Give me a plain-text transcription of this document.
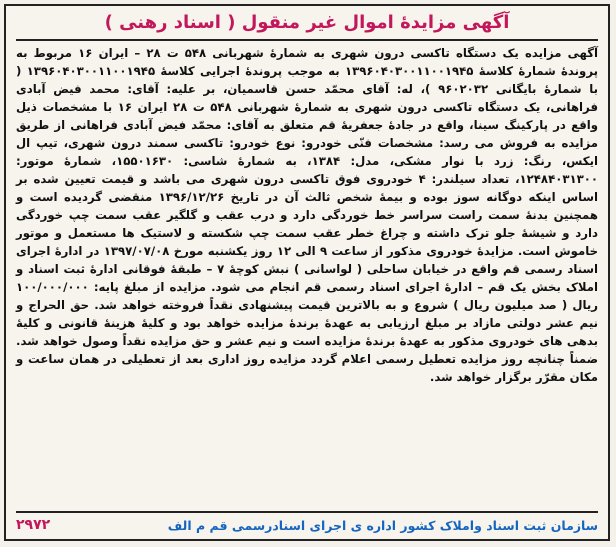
آگهی مزایدهٔ اموال غیر منقول ( اسناد رهنی )

آگهی مزایده یک دستگاه تاکسی درون شهری به شمارهٔ شهربانی ۵۴۸ ت ۲۸ – ایران ۱۶ مربوط به پروندهٔ شمارهٔ کلاسهٔ ۱۳۹۶۰۴۰۳۰۰۱۱۰۰۱۹۴۵ به موجب پروندهٔ اجرایی کلاسهٔ ۱۳۹۶۰۴۰۳۰۰۱۱۰۰۱۹۴۵ ( با شمارهٔ بایگانی ۹۶۰۲۰۳۲ )، له: آقای محمّد حسن قاسمیان، بر علیه: آقای: محمد فیض آبادی فراهانی، یک دستگاه تاکسی درون شهری به شمارهٔ شهربانی ۵۴۸ ت ۲۸ ایران ۱۶ با مشخصات ذیل واقع در پارکینگ سینا، واقع در جادهٔ جعفریهٔ قم متعلق به آقای: محمّد فیض آبادی فراهانی از طریق مزایده به فروش می رسد: مشخصات فنّی خودرو: نوع خودرو: تاکسی سمند درون شهری، تیپ ال ایکس، رنگ: زرد با نوار مشکی، مدل: ۱۳۸۴، به شمارهٔ شاسی: ۱۵۵۰۱۶۳۰، شمارهٔ موتور: ۱۲۴۸۴۰۳۱۳۰۰، تعداد سیلندر: ۴ خودروی فوق تاکسی درون شهری می باشد و قیمت تعیین شده بر اساس اینکه دوگانه سوز بوده و بیمهٔ شخص ثالث آن در تاریخ ۱۳۹۶/۱۲/۲۶ منقضی گردیده است و همچنین بدنهٔ سمت راست سراسر خط خوردگی دارد و درب عقب و گلگیر عقب سمت چپ خوردگی دارد و شیشهٔ جلو ترک داشته و چراغ خطر عقب سمت چپ شکسته و لاستیک ها مستعمل و موتور خاموش است. مزایدهٔ خودروی مذکور از ساعت ۹ الی ۱۲ روز یکشنبه مورخ ۱۳۹۷/۰۷/۰۸ در ادارهٔ اجرای اسناد رسمی قم واقع در خیابان ساحلی ( لواسانی ) نبش کوچهٔ ۷ – طبقهٔ فوقانی ادارهٔ ثبت اسناد و املاک بخش یک قم – ادارهٔ اجرای اسناد رسمی قم انجام می شود. مزایده از مبلغ پایه: ۱۰۰/۰۰۰/۰۰۰ ریال ( صد میلیون ریال ) شروع و به بالاترین قیمت پیشنهادی نقداً فروخته خواهد شد. حق الحراج و نیم عشر دولتی مازاد بر مبلغ ارزیابی به عهدهٔ برندهٔ مزایده خواهد بود و کلیهٔ هزینهٔ قانونی و کلیهٔ بدهی های خودروی مذکور به عهدهٔ برندهٔ مزایده است و نیم عشر و حق مزایده نقداً وصول خواهد شد. ضمناً چنانچه روز مزایده تعطیل رسمی اعلام گردد مزایده روز اداری بعد از تعطیلی در همان ساعت و مکان مقرّر برگزار خواهد شد.

سازمان ثبت اسناد واملاک کشور اداره ی اجرای اسنادرسمی قم م الف
۲۹۷۲
